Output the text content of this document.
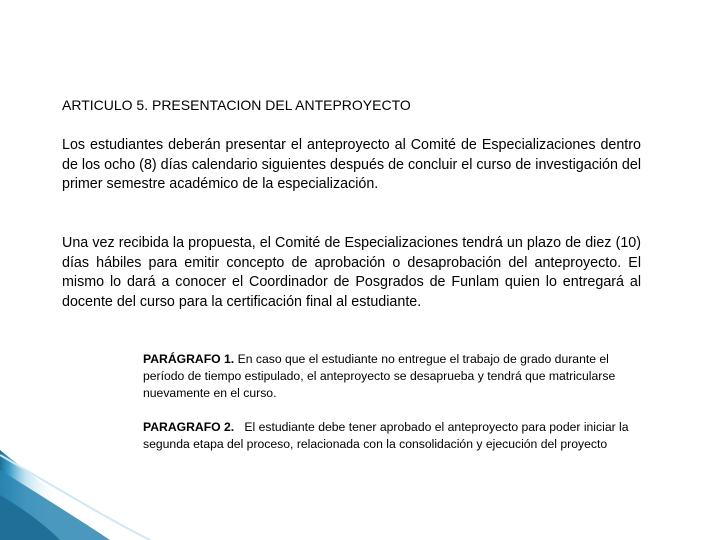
ARTICULO 5. PRESENTACION DEL ANTEPROYECTO

Los estudiantes deberán presentar el anteproyecto al Comité de Especializaciones dentro de los ocho (8) días calendario siguientes después de concluir el curso de investigación del primer semestre académico de la especialización.

Una vez recibida la propuesta, el Comité de Especializaciones tendrá un plazo de diez (10) días hábiles para emitir concepto de aprobación o desaprobación del anteproyecto. El mismo lo dará a conocer el Coordinador de Posgrados de Funlam quien lo entregará al docente del curso para la certificación final al estudiante.

PARÁGRAFO 1. En caso que el estudiante no entregue el trabajo de grado durante el período de tiempo estipulado, el anteproyecto se desaprueba y tendrá que matricularse nuevamente en el curso.

PARAGRAFO 2. El estudiante debe tener aprobado el anteproyecto para poder iniciar la segunda etapa del proceso, relacionada con la consolidación y ejecución del proyecto
